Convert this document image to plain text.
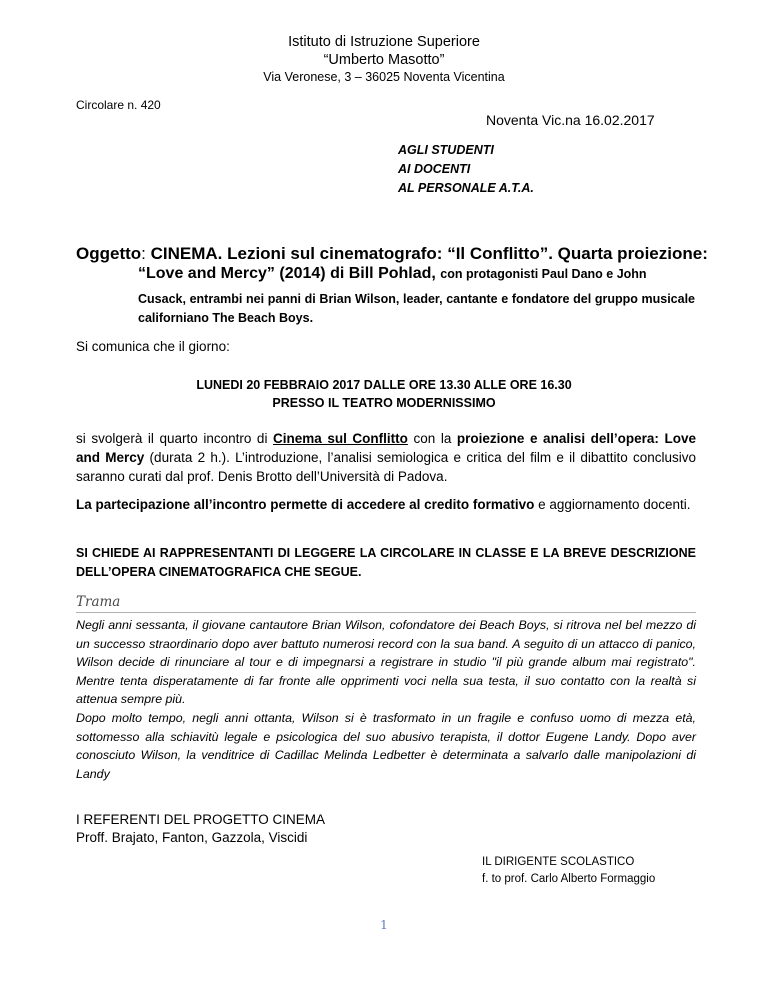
Istituto di Istruzione Superiore
“Umberto Masotto”
Via Veronese, 3 – 36025 Noventa Vicentina
Circolare n. 420
Noventa Vic.na 16.02.2017
AGLI STUDENTI
AI DOCENTI
AL PERSONALE A.T.A.
Oggetto: CINEMA. Lezioni sul cinematografo: “Il Conflitto”. Quarta proiezione:
“Love and Mercy” (2014) di Bill Pohlad, con protagonisti Paul Dano e John
Cusack, entrambi nei panni di Brian Wilson, leader, cantante e fondatore del gruppo musicale californiano The Beach Boys.
Si comunica che il giorno:
LUNEDI 20 FEBBRAIO 2017 DALLE ORE 13.30 ALLE ORE 16.30
PRESSO IL TEATRO MODERNISSIMO
si svolgerà il quarto incontro di Cinema sul Conflitto con la proiezione e analisi dell’opera: Love and Mercy (durata 2 h.). L’introduzione, l’analisi semiologica e critica del film e il dibattito conclusivo saranno curati dal prof. Denis Brotto dell’Università di Padova.
La partecipazione all’incontro permette di accedere al credito formativo e aggiornamento docenti.
SI CHIEDE AI RAPPRESENTANTI DI LEGGERE LA CIRCOLARE IN CLASSE E LA BREVE DESCRIZIONE DELL’OPERA CINEMATOGRAFICA CHE SEGUE.
Trama
Negli anni sessanta, il giovane cantautore Brian Wilson, cofondatore dei Beach Boys, si ritrova nel bel mezzo di un successo straordinario dopo aver battuto numerosi record con la sua band. A seguito di un attacco di panico, Wilson decide di rinunciare al tour e di impegnarsi a registrare in studio "il più grande album mai registrato". Mentre tenta disperatamente di far fronte alle opprimenti voci nella sua testa, il suo contatto con la realtà si attenua sempre più.
Dopo molto tempo, negli anni ottanta, Wilson si è trasformato in un fragile e confuso uomo di mezza età, sottomesso alla schiavitù legale e psicologica del suo abusivo terapista, il dottor Eugene Landy. Dopo aver conosciuto Wilson, la venditrice di Cadillac Melinda Ledbetter è determinata a salvarlo dalle manipolazioni di Landy
I REFERENTI DEL PROGETTO CINEMA
Proff. Brajato, Fanton, Gazzola, Viscidi
IL DIRIGENTE SCOLASTICO
f. to prof. Carlo Alberto Formaggio
1
